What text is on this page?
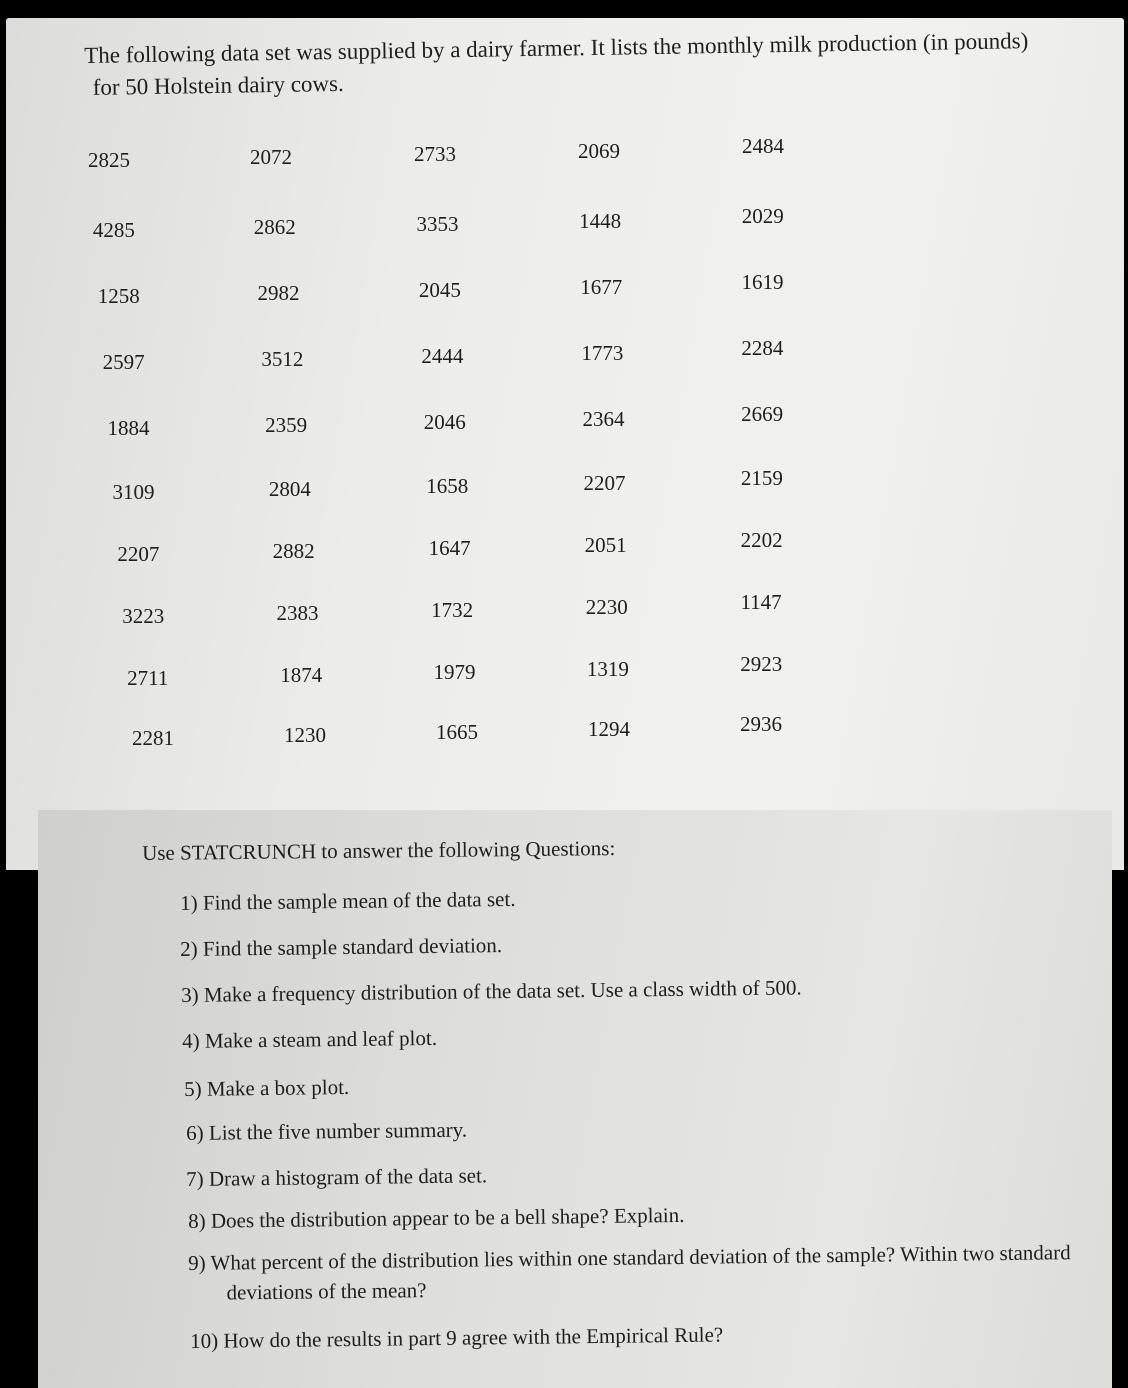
The following data set was supplied by a dairy farmer. It lists the monthly milk production (in pounds)

for 50 Holstein dairy cows.

2825	2072	2733	2069	2484
4285	2862	3353	1448	2029
1258	2982	2045	1677	1619
2597	3512	2444	1773	2284
1884	2359	2046	2364	2669
3109	2804	1658	2207	2159
2207	2882	1647	2051	2202
3223	2383	1732	2230	1147
2711	1874	1979	1319	2923
2281	1230	1665	1294	2936

Use STATCRUNCH to answer the following Questions:

1) Find the sample mean of the data set.
2) Find the sample standard deviation.
3) Make a frequency distribution of the data set. Use a class width of 500.
4) Make a steam and leaf plot.
5) Make a box plot.
6) List the five number summary.
7) Draw a histogram of the data set.
8) Does the distribution appear to be a bell shape? Explain.
9) What percent of the distribution lies within one standard deviation of the sample? Within two standard deviations of the mean?
10) How do the results in part 9 agree with the Empirical Rule?
